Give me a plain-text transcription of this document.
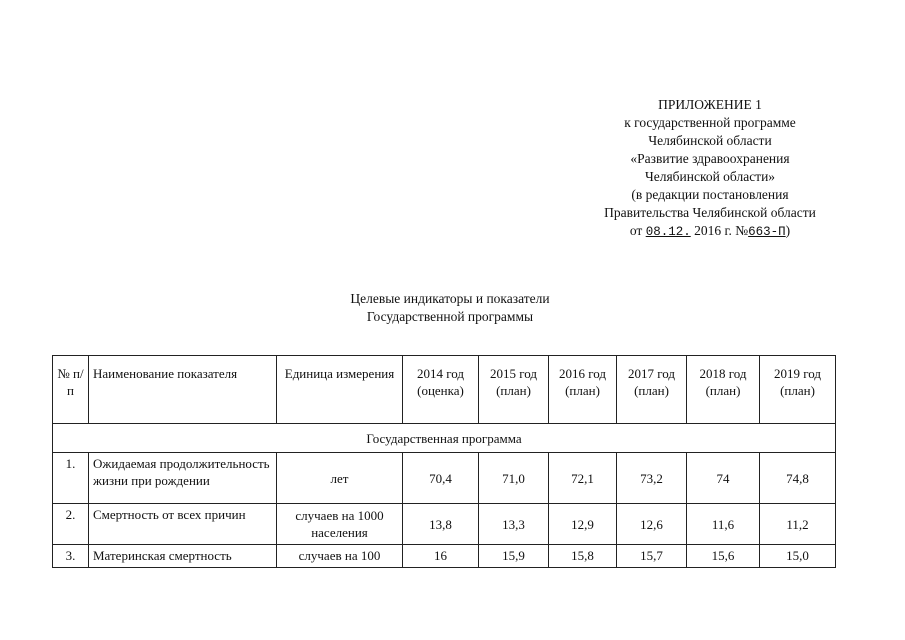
ПРИЛОЖЕНИЕ 1
к государственной программе
Челябинской области
«Развитие здравоохранения
Челябинской области»
(в редакции постановления
Правительства Челябинской области
от 08.12. 2016 г. №663-П)
Целевые индикаторы и показатели
Государственной программы
№ п/п	Наименование показателя	Единица измерения	2014 год (оценка)	2015 год (план)	2016 год (план)	2017 год (план)	2018 год (план)	2019 год (план)
Государственная программа								
1.	Ожидаемая продолжительность жизни при рождении	лет	70,4	71,0	72,1	73,2	74	74,8
2.	Смертность от всех причин	случаев на 1000 населения	13,8	13,3	12,9	12,6	11,6	11,2
3.	Материнская смертность	случаев на 100	16	15,9	15,8	15,7	15,6	15,0
